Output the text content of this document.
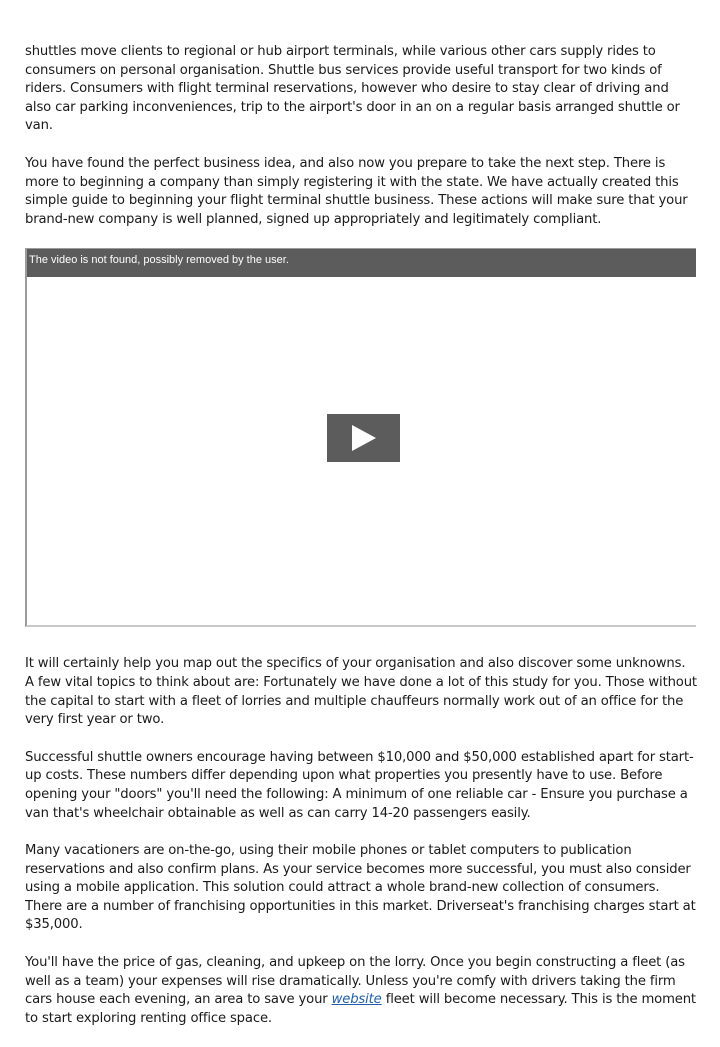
shuttles move clients to regional or hub airport terminals, while various other cars supply rides to consumers on personal organisation. Shuttle bus services provide useful transport for two kinds of riders. Consumers with flight terminal reservations, however who desire to stay clear of driving and also car parking inconveniences, trip to the airport's door in an on a regular basis arranged shuttle or van.

You have found the perfect business idea, and also now you prepare to take the next step. There is more to beginning a company than simply registering it with the state. We have actually created this simple guide to beginning your flight terminal shuttle business. These actions will make sure that your brand-new company is well planned, signed up appropriately and legitimately compliant.

The video is not found, possibly removed by the user.

It will certainly help you map out the specifics of your organisation and also discover some unknowns. A few vital topics to think about are: Fortunately we have done a lot of this study for you. Those without the capital to start with a fleet of lorries and multiple chauffeurs normally work out of an office for the very first year or two.

Successful shuttle owners encourage having between $10,000 and $50,000 established apart for start-up costs. These numbers differ depending upon what properties you presently have to use. Before opening your "doors" you'll need the following: A minimum of one reliable car - Ensure you purchase a van that's wheelchair obtainable as well as can carry 14-20 passengers easily.

Many vacationers are on-the-go, using their mobile phones or tablet computers to publication reservations and also confirm plans. As your service becomes more successful, you must also consider using a mobile application. This solution could attract a whole brand-new collection of consumers. There are a number of franchising opportunities in this market. Driverseat's franchising charges start at $35,000.

You'll have the price of gas, cleaning, and upkeep on the lorry. Once you begin constructing a fleet (as well as a team) your expenses will rise dramatically. Unless you're comfy with drivers taking the firm cars house each evening, an area to save your website fleet will become necessary. This is the moment to start exploring renting office space.
